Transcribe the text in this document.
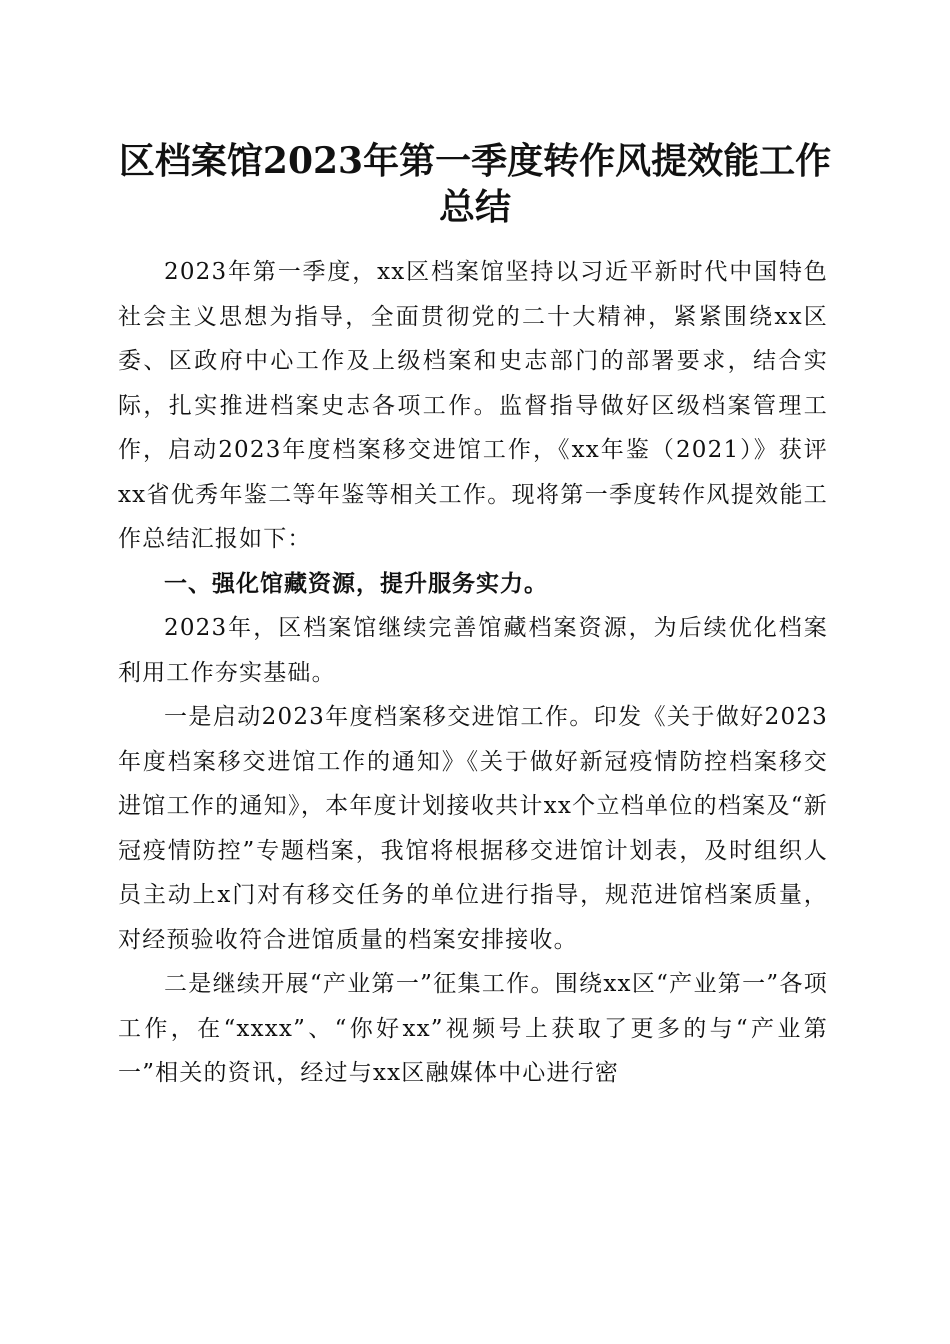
区档案馆2023年第一季度转作风提效能工作总结

2023年第一季度，xx区档案馆坚持以习近平新时代中国特色社会主义思想为指导，全面贯彻党的二十大精神，紧紧围绕xx区委、区政府中心工作及上级档案和史志部门的部署要求，结合实际，扎实推进档案史志各项工作。监督指导做好区级档案管理工作，启动2023年度档案移交进馆工作，《xx年鉴（2021）》获评xx省优秀年鉴二等年鉴等相关工作。现将第一季度转作风提效能工作总结汇报如下：

一、强化馆藏资源，提升服务实力。

2023年，区档案馆继续完善馆藏档案资源，为后续优化档案利用工作夯实基础。

一是启动2023年度档案移交进馆工作。印发《关于做好2023年度档案移交进馆工作的通知》《关于做好新冠疫情防控档案移交进馆工作的通知》，本年度计划接收共计xx个立档单位的档案及“新冠疫情防控”专题档案，我馆将根据移交进馆计划表，及时组织人员主动上x门对有移交任务的单位进行指导，规范进馆档案质量，对经预验收符合进馆质量的档案安排接收。

二是继续开展“产业第一”征集工作。围绕xx区“产业第一”各项工作，在“xxxx”、“你好xx”视频号上获取了更多的与“产业第一”相关的资讯，经过与xx区融媒体中心进行密
